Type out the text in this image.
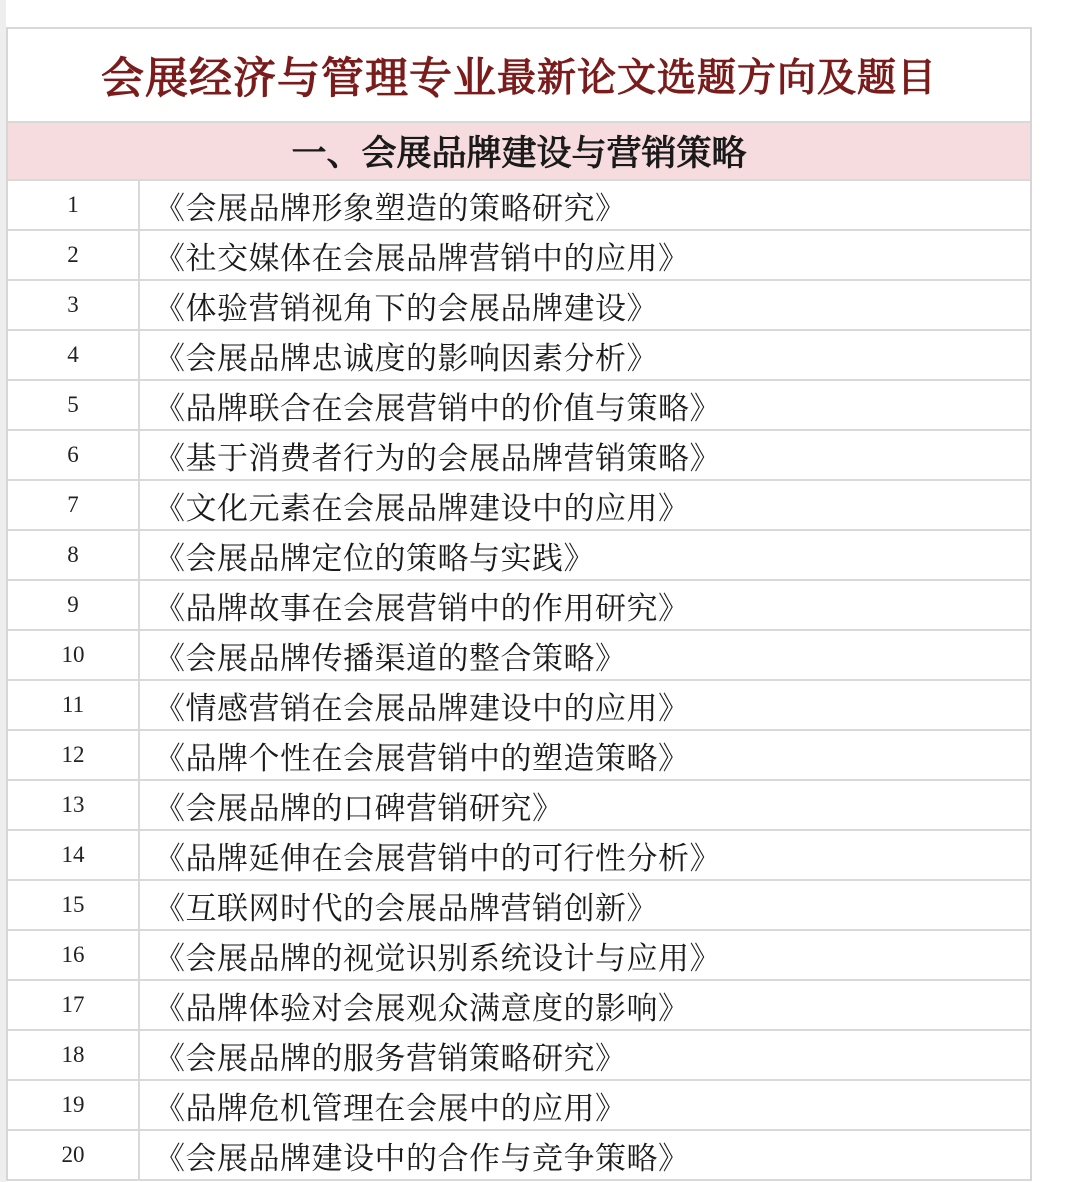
会展经济与管理专业 最新论文选题方向及题目
一、会展品牌建设与营销策略
1	《会展品牌形象塑造的策略研究》
2	《社交媒体在会展品牌营销中的应用》
3	《体验营销视角下的会展品牌建设》
4	《会展品牌忠诚度的影响因素分析》
5	《品牌联合在会展营销中的价值与策略》
6	《基于消费者行为的会展品牌营销策略》
7	《文化元素在会展品牌建设中的应用》
8	《会展品牌定位的策略与实践》
9	《品牌故事在会展营销中的作用研究》
10	《会展品牌传播渠道的整合策略》
11	《情感营销在会展品牌建设中的应用》
12	《品牌个性在会展营销中的塑造策略》
13	《会展品牌的口碑营销研究》
14	《品牌延伸在会展营销中的可行性分析》
15	《互联网时代的会展品牌营销创新》
16	《会展品牌的视觉识别系统设计与应用》
17	《品牌体验对会展观众满意度的影响》
18	《会展品牌的服务营销策略研究》
19	《品牌危机管理在会展中的应用》
20	《会展品牌建设中的合作与竞争策略》
